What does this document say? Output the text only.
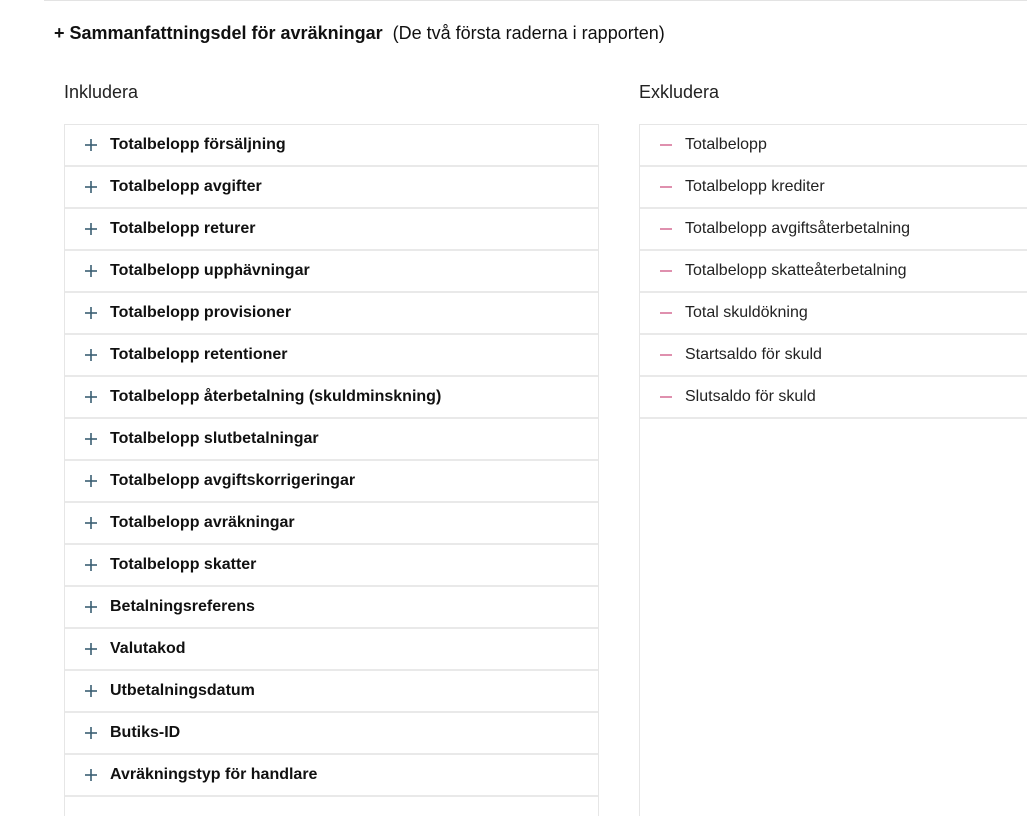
+ Sammanfattningsdel för avräkningar (De två första raderna i rapporten)
Inkludera	Exkludera
Totalbelopp försäljning
Totalbelopp avgifter
Totalbelopp returer
Totalbelopp upphävningar
Totalbelopp provisioner
Totalbelopp retentioner
Totalbelopp återbetalning (skuldminskning)
Totalbelopp slutbetalningar
Totalbelopp avgiftskorrigeringar
Totalbelopp avräkningar
Totalbelopp skatter
Betalningsreferens
Valutakod
Utbetalningsdatum
Butiks-ID
Avräkningstyp för handlare
Totalbelopp
Totalbelopp krediter
Totalbelopp avgiftsåterbetalning
Totalbelopp skatteåterbetalning
Total skuldökning
Startsaldo för skuld
Slutsaldo för skuld
